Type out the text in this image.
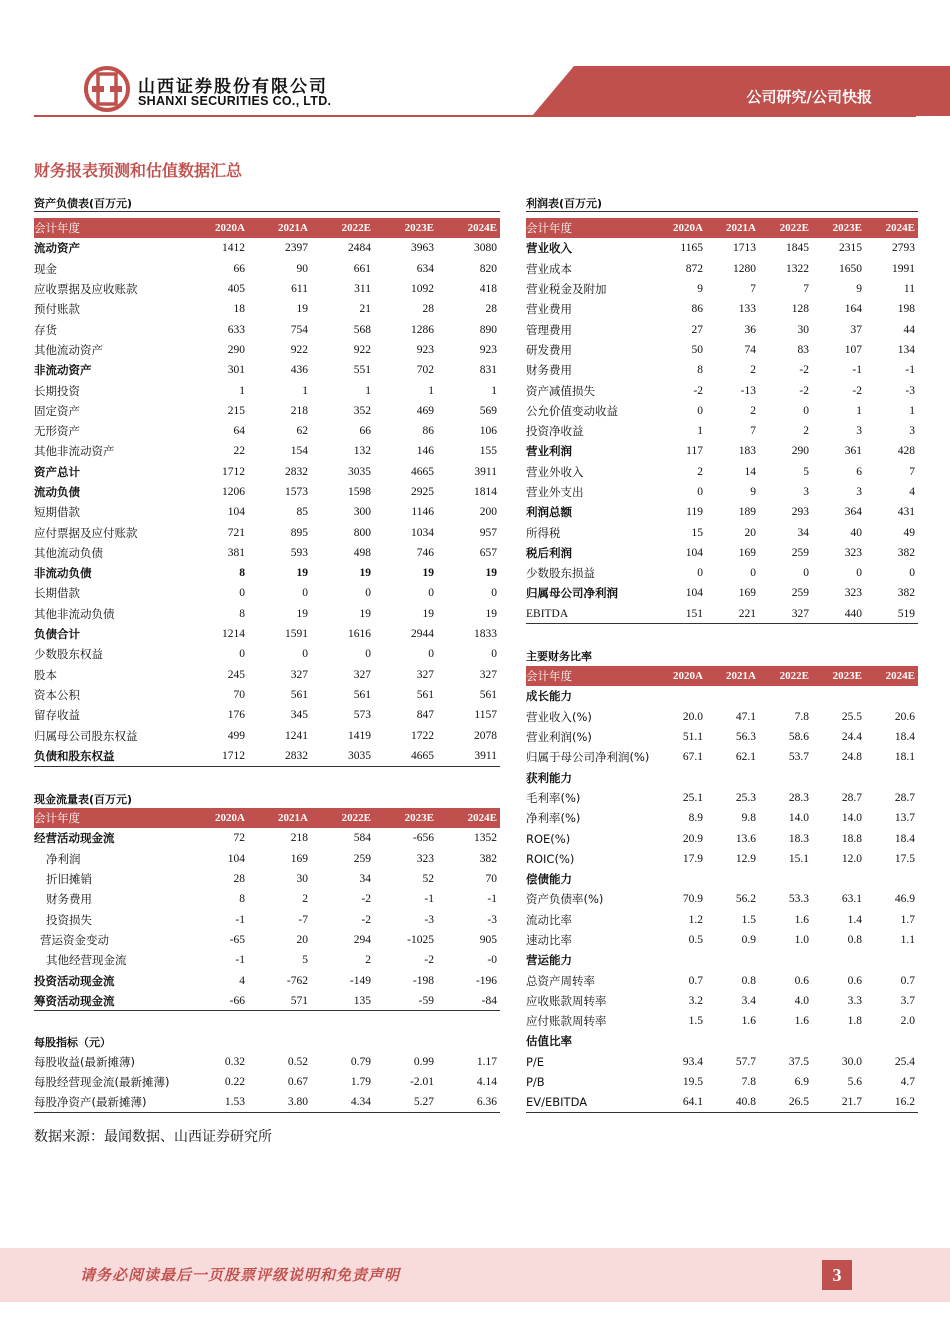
山西证券股份有限公司
SHANXI SECURITIES CO., LTD.	公司研究/公司快报
财务报表预测和估值数据汇总
资产负债表(百万元)
会计年度	2020A	2021A	2022E	2023E	2024E
流动资产	1412	2397	2484	3963	3080
现金	66	90	661	634	820
应收票据及应收账款	405	611	311	1092	418
预付账款	18	19	21	28	28
存货	633	754	568	1286	890
其他流动资产	290	922	922	923	923
非流动资产	301	436	551	702	831
长期投资	1	1	1	1	1
固定资产	215	218	352	469	569
无形资产	64	62	66	86	106
其他非流动资产	22	154	132	146	155
资产总计	1712	2832	3035	4665	3911
流动负债	1206	1573	1598	2925	1814
短期借款	104	85	300	1146	200
应付票据及应付账款	721	895	800	1034	957
其他流动负债	381	593	498	746	657
非流动负债	8	19	19	19	19
长期借款	0	0	0	0	0
其他非流动负债	8	19	19	19	19
负债合计	1214	1591	1616	2944	1833
少数股东权益	0	0	0	0	0
股本	245	327	327	327	327
资本公积	70	561	561	561	561
留存收益	176	345	573	847	1157
归属母公司股东权益	499	1241	1419	1722	2078
负债和股东权益	1712	2832	3035	4665	3911
现金流量表(百万元)
会计年度	2020A	2021A	2022E	2023E	2024E
经营活动现金流	72	218	584	-656	1352
净利润	104	169	259	323	382
折旧摊销	28	30	34	52	70
财务费用	8	2	-2	-1	-1
投资损失	-1	-7	-2	-3	-3
营运资金变动	-65	20	294	-1025	905
其他经营现金流	-1	5	2	-2	-0
投资活动现金流	4	-762	-149	-198	-196
筹资活动现金流	-66	571	135	-59	-84
每股指标（元）
每股收益(最新摊薄)	0.32	0.52	0.79	0.99	1.17
每股经营现金流(最新摊薄)	0.22	0.67	1.79	-2.01	4.14
每股净资产(最新摊薄)	1.53	3.80	4.34	5.27	6.36
利润表(百万元)
会计年度	2020A	2021A	2022E	2023E	2024E
营业收入	1165	1713	1845	2315	2793
营业成本	872	1280	1322	1650	1991
营业税金及附加	9	7	7	9	11
营业费用	86	133	128	164	198
管理费用	27	36	30	37	44
研发费用	50	74	83	107	134
财务费用	8	2	-2	-1	-1
资产减值损失	-2	-13	-2	-2	-3
公允价值变动收益	0	2	0	1	1
投资净收益	1	7	2	3	3
营业利润	117	183	290	361	428
营业外收入	2	14	5	6	7
营业外支出	0	9	3	3	4
利润总额	119	189	293	364	431
所得税	15	20	34	40	49
税后利润	104	169	259	323	382
少数股东损益	0	0	0	0	0
归属母公司净利润	104	169	259	323	382
EBITDA	151	221	327	440	519
主要财务比率
会计年度	2020A	2021A	2022E	2023E	2024E
成长能力					
营业收入(%)	20.0	47.1	7.8	25.5	20.6
营业利润(%)	51.1	56.3	58.6	24.4	18.4
归属于母公司净利润(%)	67.1	62.1	53.7	24.8	18.1
获利能力					
毛利率(%)	25.1	25.3	28.3	28.7	28.7
净利率(%)	8.9	9.8	14.0	14.0	13.7
ROE(%)	20.9	13.6	18.3	18.8	18.4
ROIC(%)	17.9	12.9	15.1	12.0	17.5
偿债能力					
资产负债率(%)	70.9	56.2	53.3	63.1	46.9
流动比率	1.2	1.5	1.6	1.4	1.7
速动比率	0.5	0.9	1.0	0.8	1.1
营运能力					
总资产周转率	0.7	0.8	0.6	0.6	0.7
应收账款周转率	3.2	3.4	4.0	3.3	3.7
应付账款周转率	1.5	1.6	1.6	1.8	2.0
估值比率					
P/E	93.4	57.7	37.5	30.0	25.4
P/B	19.5	7.8	6.9	5.6	4.7
EV/EBITDA	64.1	40.8	26.5	21.7	16.2
数据来源：最闻数据、山西证券研究所
请务必阅读最后一页股票评级说明和免责声明	3
